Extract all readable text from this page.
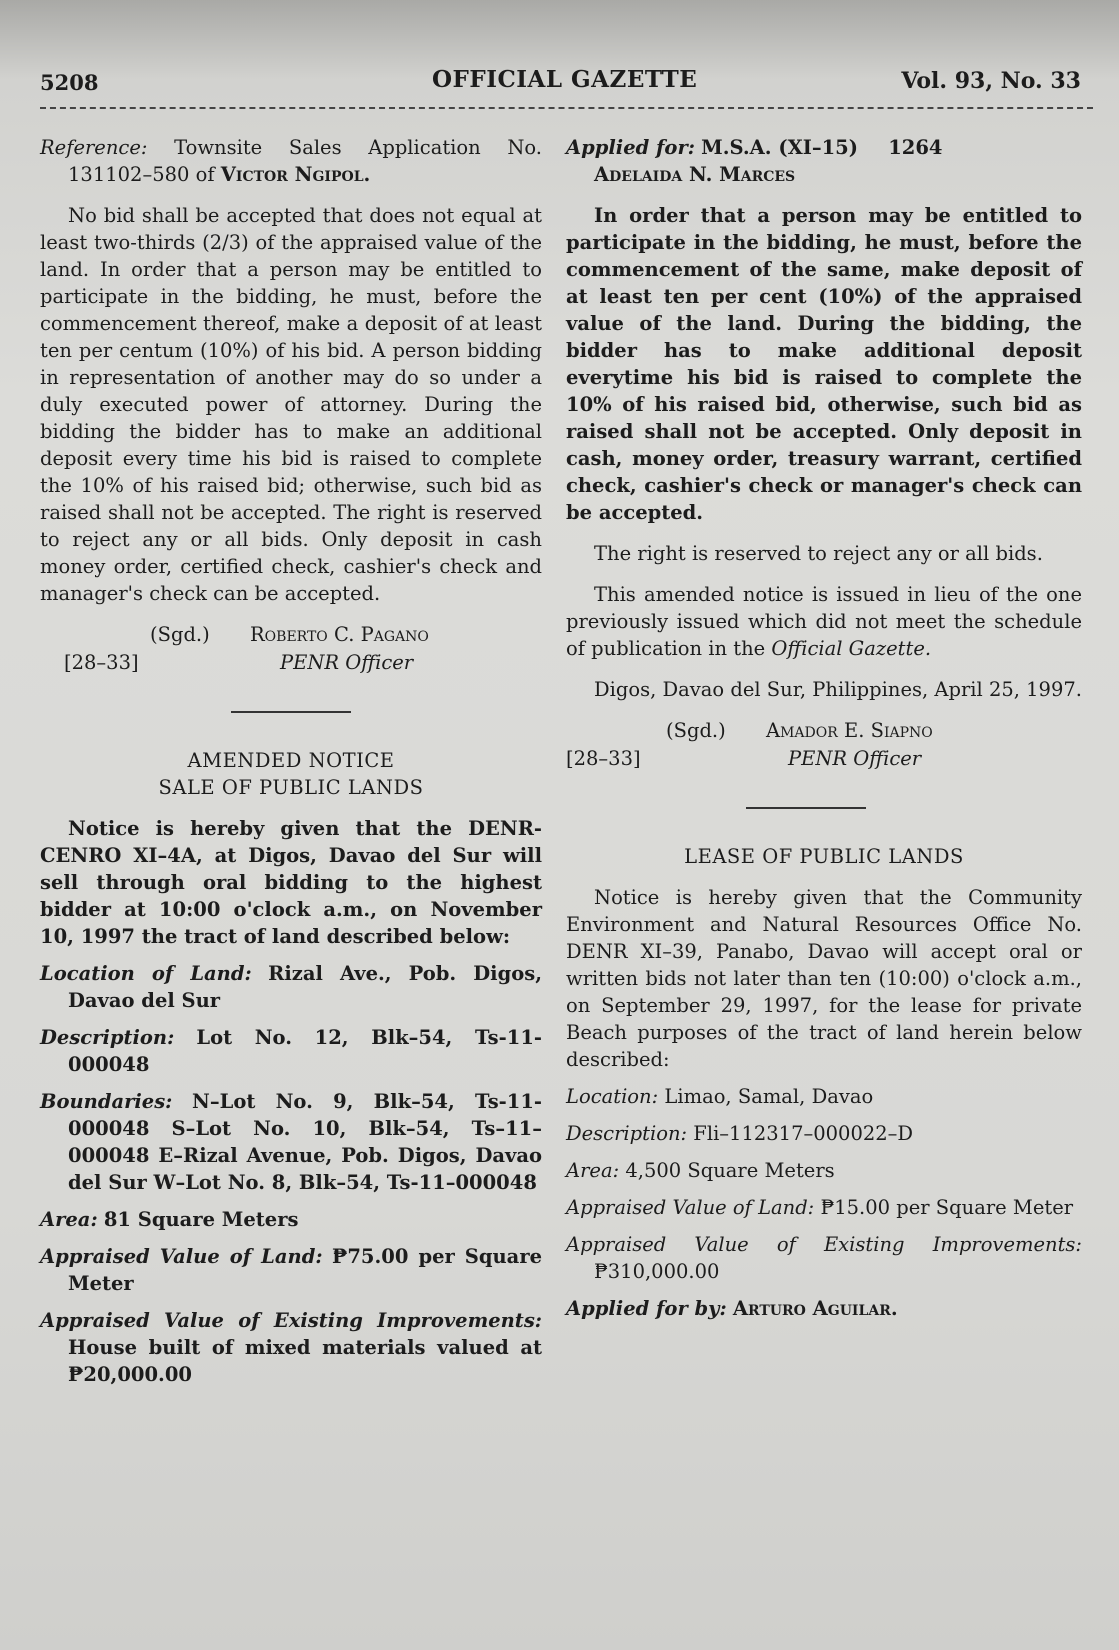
5208	OFFICIAL GAZETTE	Vol. 93, No. 33

Reference: Townsite Sales Application No. 131102–580 of Victor Ngipol.

No bid shall be accepted that does not equal at least two-thirds (2/3) of the appraised value of the land. In order that a person may be entitled to participate in the bidding, he must, before the commencement thereof, make a deposit of at least ten per centum (10%) of his bid. A person bidding in representation of another may do so under a duly executed power of attorney. During the bidding the bidder has to make an additional deposit every time his bid is raised to complete the 10% of his raised bid; otherwise, such bid as raised shall not be accepted. The right is reserved to reject any or all bids. Only deposit in cash money order, certified check, cashier's check and manager's check can be accepted.

(Sgd.) Roberto C. Pagano
[28–33]	PENR Officer

AMENDED NOTICE

SALE OF PUBLIC LANDS

Notice is hereby given that the DENR-CENRO XI–4A, at Digos, Davao del Sur will sell through oral bidding to the highest bidder at 10:00 o'clock a.m., on November 10, 1997 the tract of land described below:

Location of Land: Rizal Ave., Pob. Digos, Davao del Sur

Description: Lot No. 12, Blk–54, Ts-11-000048

Boundaries: N–Lot No. 9, Blk–54, Ts-11-000048 S–Lot No. 10, Blk–54, Ts–11–000048 E–Rizal Avenue, Pob. Digos, Davao del Sur W–Lot No. 8, Blk–54, Ts-11–000048

Area: 81 Square Meters

Appraised Value of Land: ₱75.00 per Square Meter

Appraised Value of Existing Improvements: House built of mixed materials valued at ₱20,000.00

Applied for: M.S.A. (XI–15) 1264
Adelaida N. Marces

In order that a person may be entitled to participate in the bidding, he must, before the commencement of the same, make deposit of at least ten per cent (10%) of the appraised value of the land. During the bidding, the bidder has to make additional deposit everytime his bid is raised to complete the 10% of his raised bid, otherwise, such bid as raised shall not be accepted. Only deposit in cash, money order, treasury warrant, certified check, cashier's check or manager's check can be accepted.

The right is reserved to reject any or all bids.

This amended notice is issued in lieu of the one previously issued which did not meet the schedule of publication in the Official Gazette.

Digos, Davao del Sur, Philippines, April 25, 1997.

(Sgd.) Amador E. Siapno
[28–33]	PENR Officer

LEASE OF PUBLIC LANDS

Notice is hereby given that the Community Environment and Natural Resources Office No. DENR XI–39, Panabo, Davao will accept oral or written bids not later than ten (10:00) o'clock a.m., on September 29, 1997, for the lease for private Beach purposes of the tract of land herein below described:

Location: Limao, Samal, Davao

Description: Fli–112317–000022–D

Area: 4,500 Square Meters

Appraised Value of Land: ₱15.00 per Square Meter

Appraised Value of Existing Improvements: ₱310,000.00

Applied for by: Arturo Aguilar.
